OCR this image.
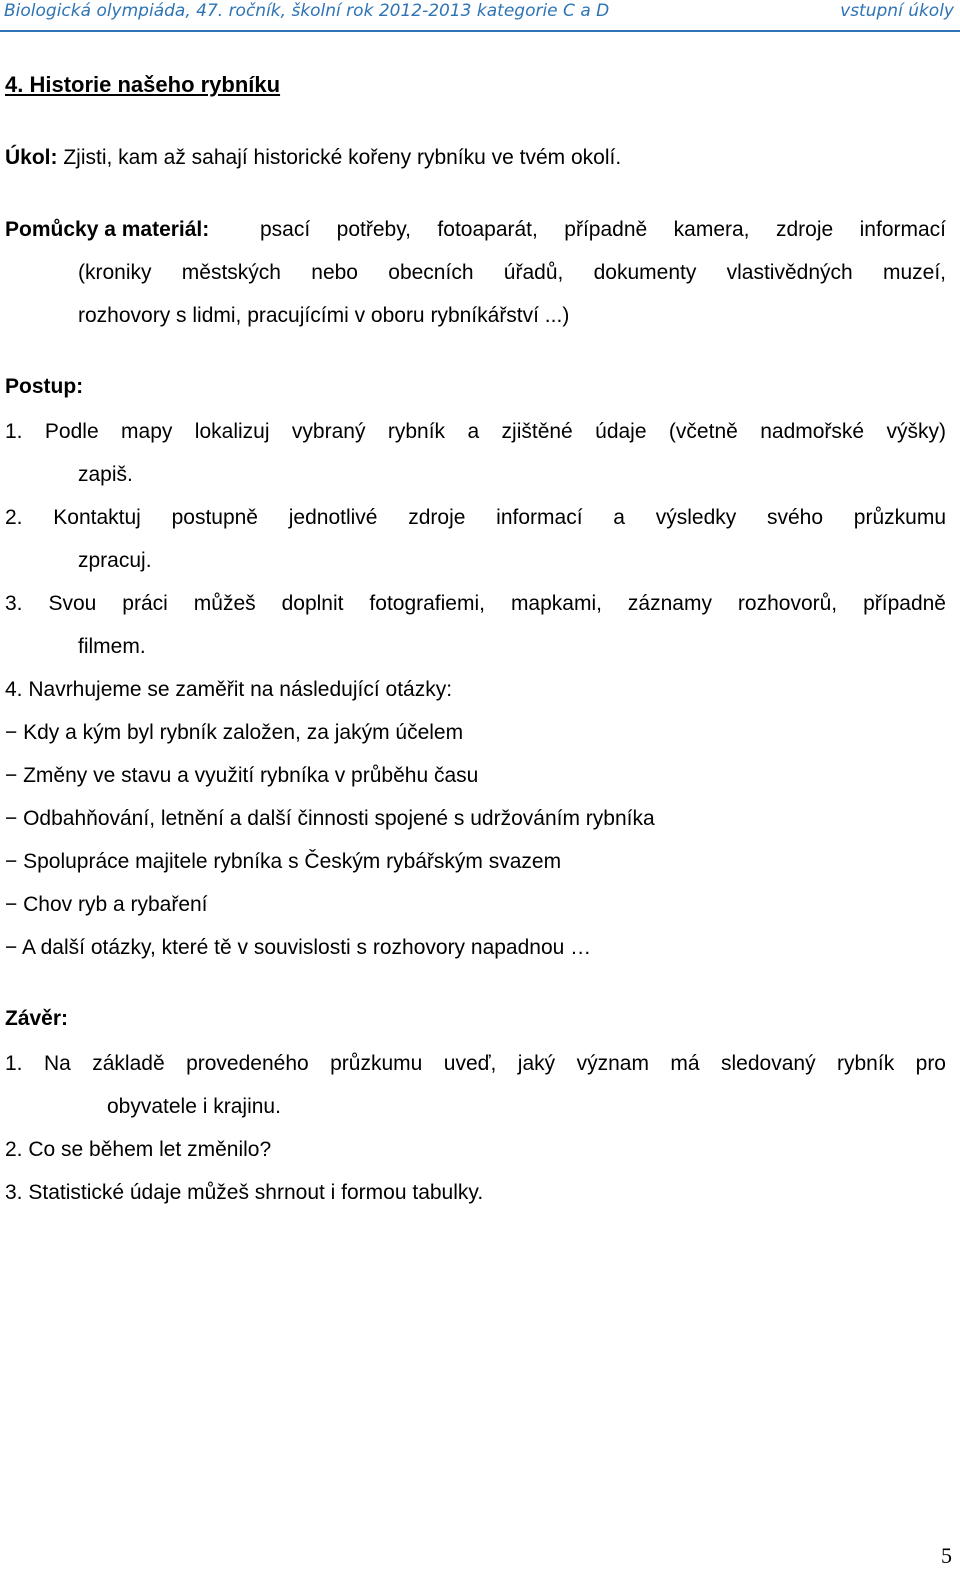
Biologická olympiáda, 47. ročník, školní rok 2012-2013 kategorie C a D	vstupní úkoly
4. Historie našeho rybníku
Úkol: Zjisti, kam až sahají historické kořeny rybníku ve tvém okolí.
Pomůcky a materiál: psací potřeby, fotoaparát, případně kamera, zdroje informací
(kroniky městských nebo obecních úřadů, dokumenty vlastivědných muzeí,
rozhovory s lidmi, pracujícími v oboru rybníkářství ...)
Postup:
1. Podle mapy lokalizuj vybraný rybník a zjištěné údaje (včetně nadmořské výšky)
zapiš.
2. Kontaktuj postupně jednotlivé zdroje informací a výsledky svého průzkumu
zpracuj.
3. Svou práci můžeš doplnit fotografiemi, mapkami, záznamy rozhovorů, případně
filmem.
4. Navrhujeme se zaměřit na následující otázky:
− Kdy a kým byl rybník založen, za jakým účelem
− Změny ve stavu a využití rybníka v průběhu času
− Odbahňování, letnění a další činnosti spojené s udržováním rybníka
− Spolupráce majitele rybníka s Českým rybářským svazem
− Chov ryb a rybaření
− A další otázky, které tě v souvislosti s rozhovory napadnou …
Závěr:
1. Na základě provedeného průzkumu uveď, jaký význam má sledovaný rybník pro
obyvatele i krajinu.
2. Co se během let změnilo?
3. Statistické údaje můžeš shrnout i formou tabulky.
5
